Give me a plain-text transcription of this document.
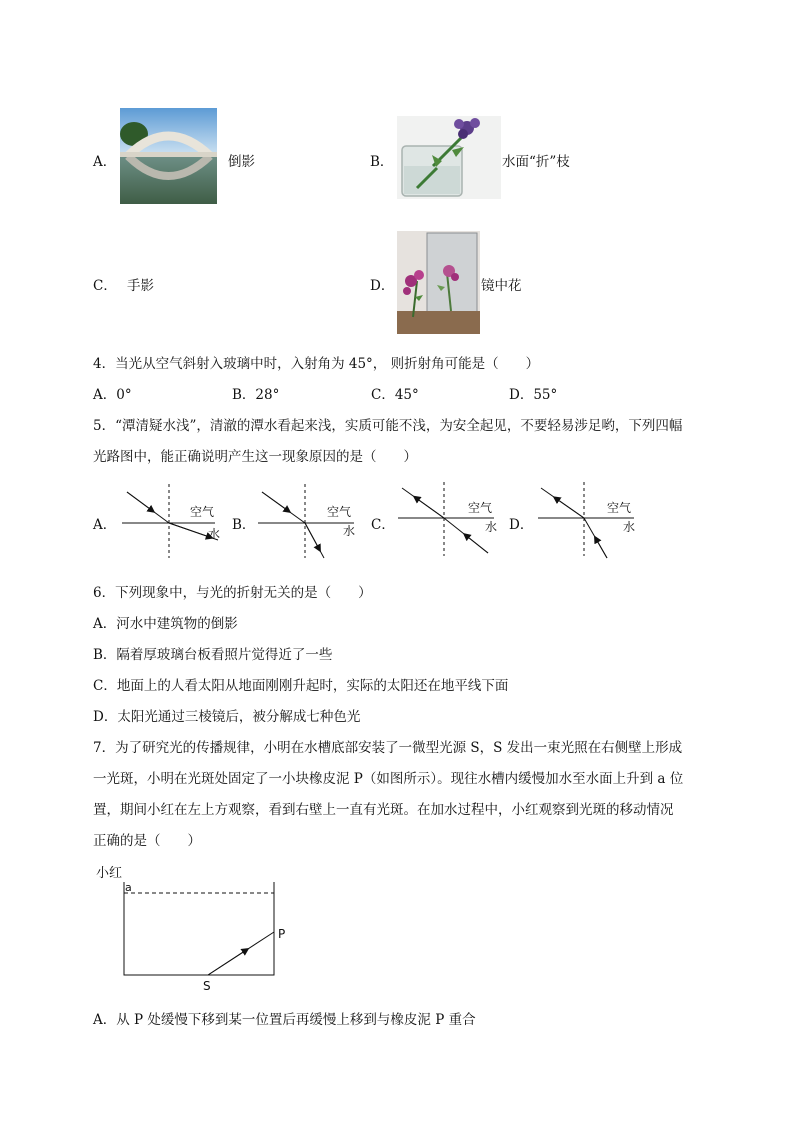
A．	倒影	B．	水面“折”枝
C． 手影	D．	镜中花
4．当光从空气斜射入玻璃中时，入射角为 45°， 则折射角可能是（　　）
A．0°	B．28°	C．45°	D．55°
5．“潭清疑水浅”，清澈的潭水看起来浅，实质可能不浅，为安全起见，不要轻易涉足哟，下列四幅
光路图中，能正确说明产生这一现象原因的是（　　）
A．	B．	C．	D．
空气
水
空气
水
空气
水
空气
水
6．下列现象中，与光的折射无关的是（　　）
A．河水中建筑物的倒影
B．隔着厚玻璃台板看照片觉得近了一些
C．地面上的人看太阳从地面刚刚升起时，实际的太阳还在地平线下面
D．太阳光通过三棱镜后，被分解成七种色光
7．为了研究光的传播规律，小明在水槽底部安装了一微型光源 S，S 发出一束光照在右侧壁上形成
一光斑，小明在光斑处固定了一小块橡皮泥 P（如图所示）。现往水槽内缓慢加水至水面上升到 a 位
置，期间小红在左上方观察，看到右壁上一直有光斑。在加水过程中，小红观察到光斑的移动情况
正确的是（　　）
小红
a
P
S
A．从 P 处缓慢下移到某一位置后再缓慢上移到与橡皮泥 P 重合
